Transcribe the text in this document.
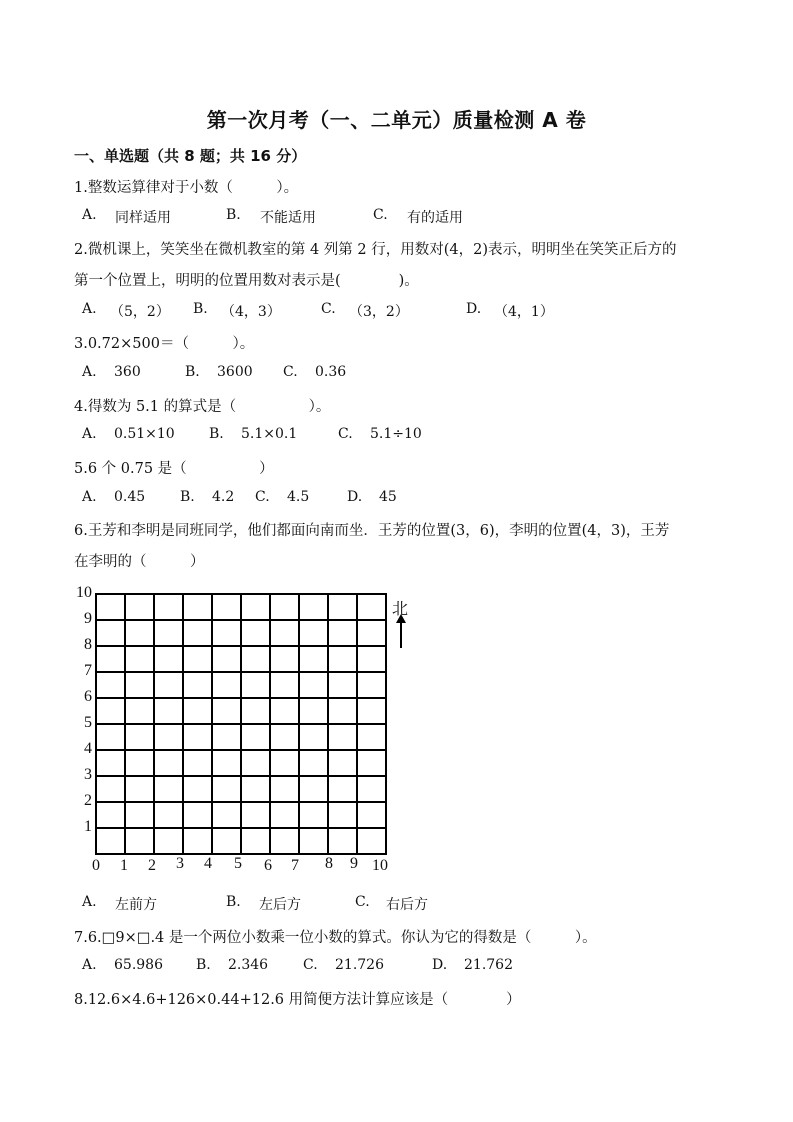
第一次月考（一、二单元）质量检测 A 卷
一、单选题（共 8 题；共 16 分）
1.整数运算律对于小数（　　　）。
A. 同样适用	B. 不能适用	C. 有的适用
2.微机课上，笑笑坐在微机教室的第 4 列第 2 行，用数对(4，2)表示，明明坐在笑笑正后方的
第一个位置上，明明的位置用数对表示是(　　　　)。
A. （5，2） B. （4，3）	C. （3，2）	D. （4，1）
3.0.72×500＝（　　　）。
A. 360	B. 3600 C. 0.36
4.得数为 5.1 的算式是（　　　　　）。
A. 0.51×10 B. 5.1×0.1	C. 5.1÷10
5.6 个 0.75 是（　　　　　）
A. 0.45 B. 4.2 C. 4.5	D. 45
6.王芳和李明是同班同学，他们都面向南而坐．王芳的位置(3，6)，李明的位置(4，3)，王芳
在李明的（　　　）
10
9
8
7
6
5
4
3
2
1
0 1 2 3 4 5 6 7 8 9 10
北
A. 左前方	B. 左后方	C. 右后方
7.6.□9×□.4 是一个两位小数乘一位小数的算式。你认为它的得数是（　　　）。
A. 65.986 B. 2.346 C. 21.726	D. 21.762
8.12.6×4.6+126×0.44+12.6 用简便方法计算应该是（　　　　）
